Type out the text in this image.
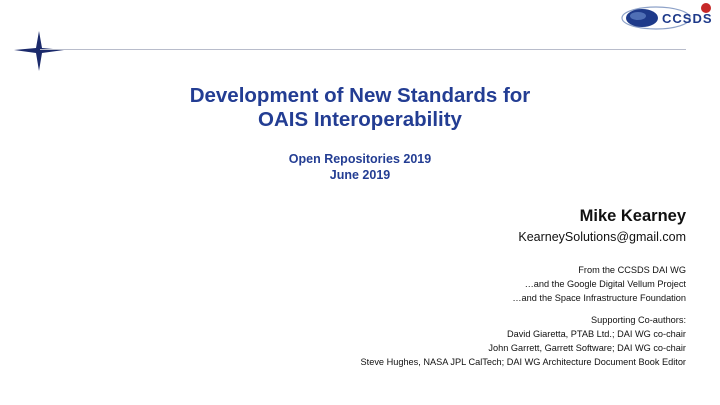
CCSDS
Development of New Standards for
OAIS Interoperability
Open Repositories 2019
June 2019
Mike Kearney
KearneySolutions@gmail.com
From the CCSDS DAI WG
…and the Google Digital Vellum Project
…and the Space Infrastructure Foundation
Supporting Co-authors:
David Giaretta, PTAB Ltd.; DAI WG co-chair
John Garrett, Garrett Software; DAI WG co-chair
Steve Hughes, NASA JPL CalTech; DAI WG Architecture Document Book Editor
